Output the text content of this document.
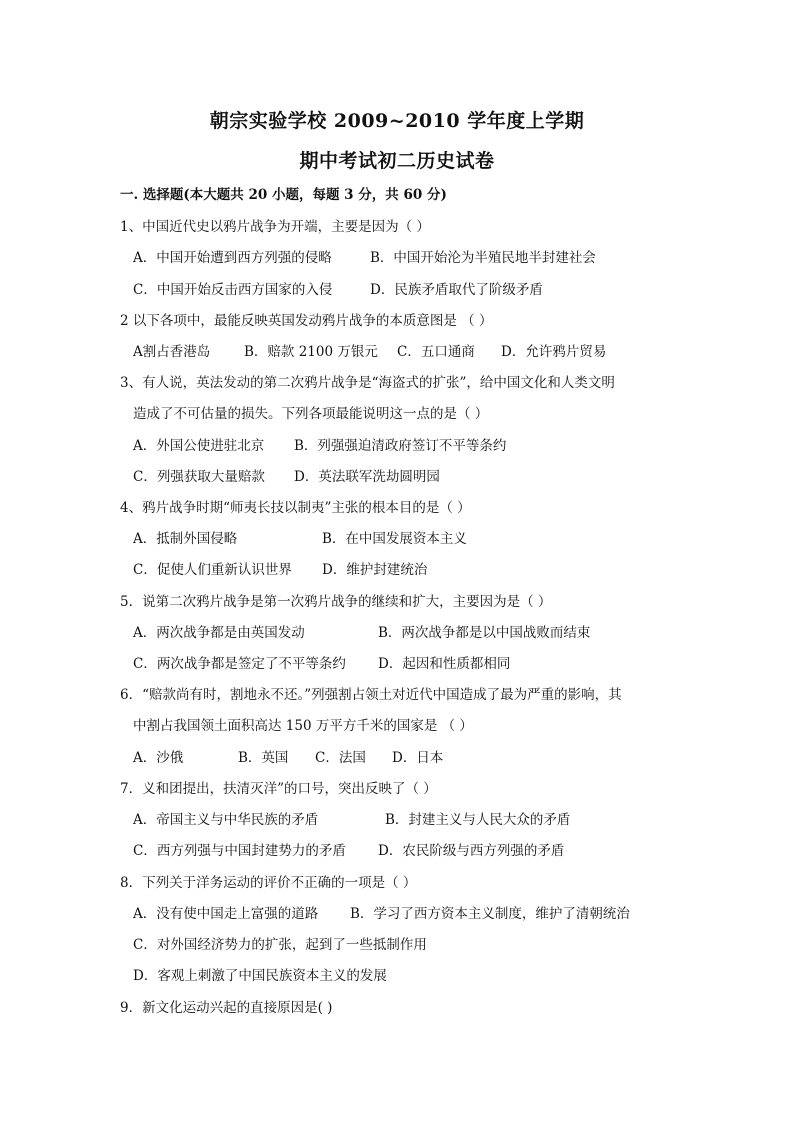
朝宗实验学校 2009~2010 学年度上学期
期中考试初二历史试卷
一. 选择题(本大题共 20 小题，每题 3 分，共 60 分)
1、中国近代史以鸦片战争为开端，主要是因为（ ）
A．中国开始遭到西方列强的侵略	B．中国开始沦为半殖民地半封建社会
C．中国开始反击西方国家的入侵	D．民族矛盾取代了阶级矛盾
2 以下各项中，最能反映英国发动鸦片战争的本质意图是 （ ）
A割占香港岛	B．赔款 2100 万银元 C．五口通商 D．允许鸦片贸易
3、有人说，英法发动的第二次鸦片战争是“海盗式的扩张”，给中国文化和人类文明
造成了不可估量的损失。下列各项最能说明这一点的是（ ）
A．外国公使进驻北京 B．列强强迫清政府签订不平等条约
C．列强获取大量赔款 D．英法联军洗劫圆明园
4、鸦片战争时期“师夷长技以制夷”主张的根本目的是（ ）
A．抵制外国侵略	B．在中国发展资本主义
C．促使人们重新认识世界 D．维护封建统治
5．说第二次鸦片战争是第一次鸦片战争的继续和扩大，主要因为是（ ）
A．两次战争都是由英国发动	B．两次战争都是以中国战败而结束
C．两次战争都是签定了不平等条约 D．起因和性质都相同
6．“赔款尚有时，割地永不还。”列强割占领土对近代中国造成了最为严重的影响，其
中割占我国领土面积高达 150 万平方千米的国家是 （ ）
A．沙俄	B．英国 C．法国 D．日本
7．义和团提出，扶清灭洋”的口号，突出反映了（ ）
A．帝国主义与中华民族的矛盾	B．封建主义与人民大众的矛盾
C．西方列强与中国封建势力的矛盾 D．农民阶级与西方列强的矛盾
8．下列关于洋务运动的评价不正确的一项是（ ）
A．没有使中国走上富强的道路 B．学习了西方资本主义制度，维护了清朝统治
C．对外国经济势力的扩张，起到了一些抵制作用
D．客观上刺激了中国民族资本主义的发展
9．新文化运动兴起的直接原因是( )
